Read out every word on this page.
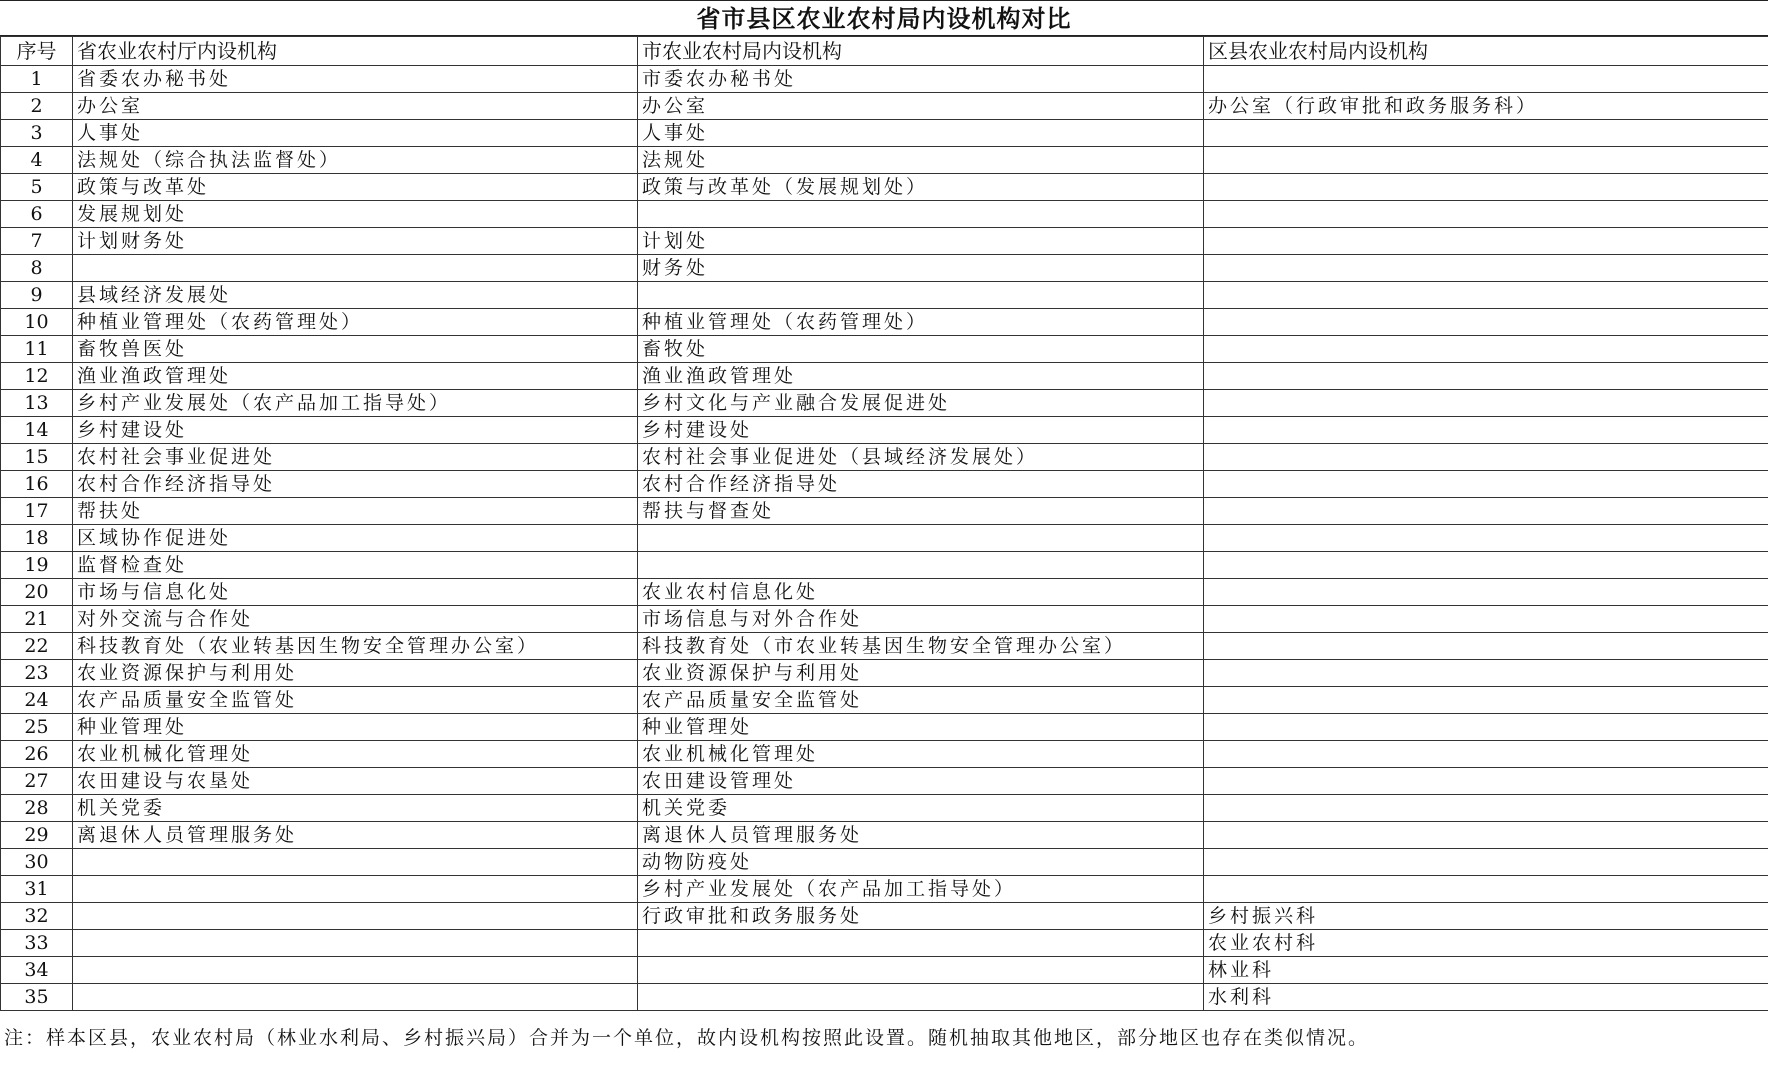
省市县区农业农村局内设机构对比
序号	省农业农村厅内设机构	市农业农村局内设机构	区县农业农村局内设机构
1	省委农办秘书处	市委农办秘书处	
2	办公室	办公室	办公室（行政审批和政务服务科）
3	人事处	人事处	
4	法规处（综合执法监督处）	法规处	
5	政策与改革处	政策与改革处（发展规划处）	
6	发展规划处		
7	计划财务处	计划处	
8		财务处	
9	县域经济发展处		
10	种植业管理处（农药管理处）	种植业管理处（农药管理处）	
11	畜牧兽医处	畜牧处	
12	渔业渔政管理处	渔业渔政管理处	
13	乡村产业发展处（农产品加工指导处）	乡村文化与产业融合发展促进处	
14	乡村建设处	乡村建设处	
15	农村社会事业促进处	农村社会事业促进处（县域经济发展处）	
16	农村合作经济指导处	农村合作经济指导处	
17	帮扶处	帮扶与督查处	
18	区域协作促进处		
19	监督检查处		
20	市场与信息化处	农业农村信息化处	
21	对外交流与合作处	市场信息与对外合作处	
22	科技教育处（农业转基因生物安全管理办公室）	科技教育处（市农业转基因生物安全管理办公室）	
23	农业资源保护与利用处	农业资源保护与利用处	
24	农产品质量安全监管处	农产品质量安全监管处	
25	种业管理处	种业管理处	
26	农业机械化管理处	农业机械化管理处	
27	农田建设与农垦处	农田建设管理处	
28	机关党委	机关党委	
29	离退休人员管理服务处	离退休人员管理服务处	
30		动物防疫处	
31		乡村产业发展处（农产品加工指导处）	
32		行政审批和政务服务处	乡村振兴科
33			农业农村科
34			林业科
35			水利科
注：样本区县，农业农村局（林业水利局、乡村振兴局）合并为一个单位，故内设机构按照此设置。随机抽取其他地区，部分地区也存在类似情况。
